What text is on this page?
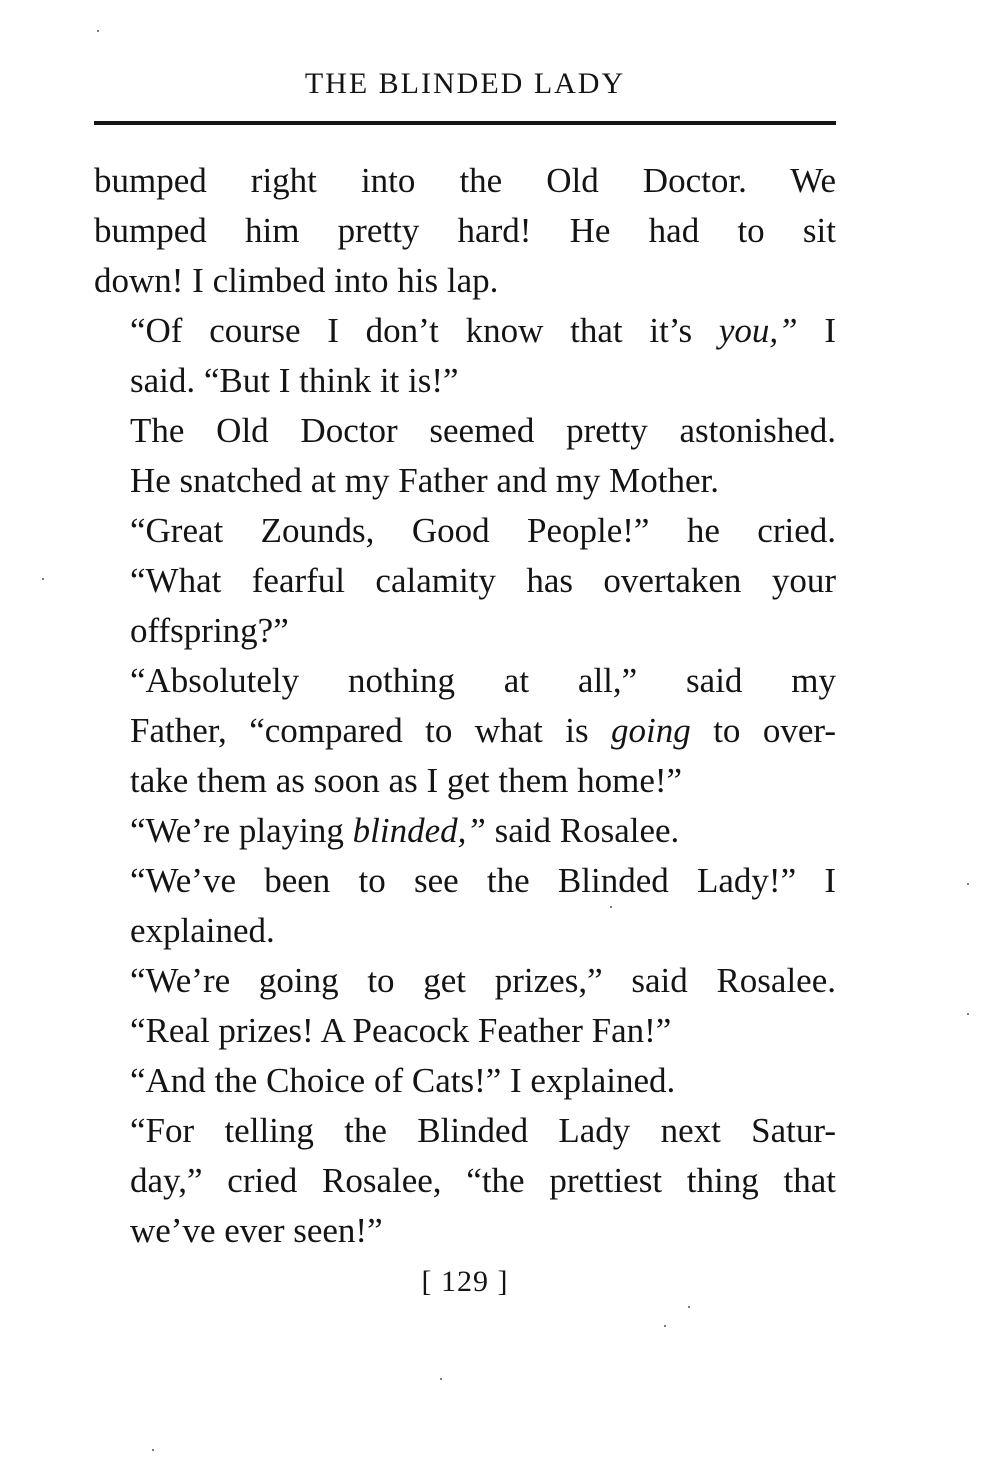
THE BLINDED LADY

bumped right into the Old Doctor. We
bumped him pretty hard! He had to sit
down! I climbed into his lap.

“Of course I don’t know that it’s you,” I
said. “But I think it is!”

The Old Doctor seemed pretty astonished.
He snatched at my Father and my Mother.

“Great Zounds, Good People!” he cried.
“What fearful calamity has overtaken your
offspring?”

“Absolutely nothing at all,” said my
Father, “compared to what is going to over-
take them as soon as I get them home!”

“We’re playing blinded,” said Rosalee.

“We’ve been to see the Blinded Lady!” I
explained.

“We’re going to get prizes,” said Rosalee.
“Real prizes! A Peacock Feather Fan!”

“And the Choice of Cats!” I explained.

“For telling the Blinded Lady next Satur-
day,” cried Rosalee, “the prettiest thing that
we’ve ever seen!”

[ 129 ]
